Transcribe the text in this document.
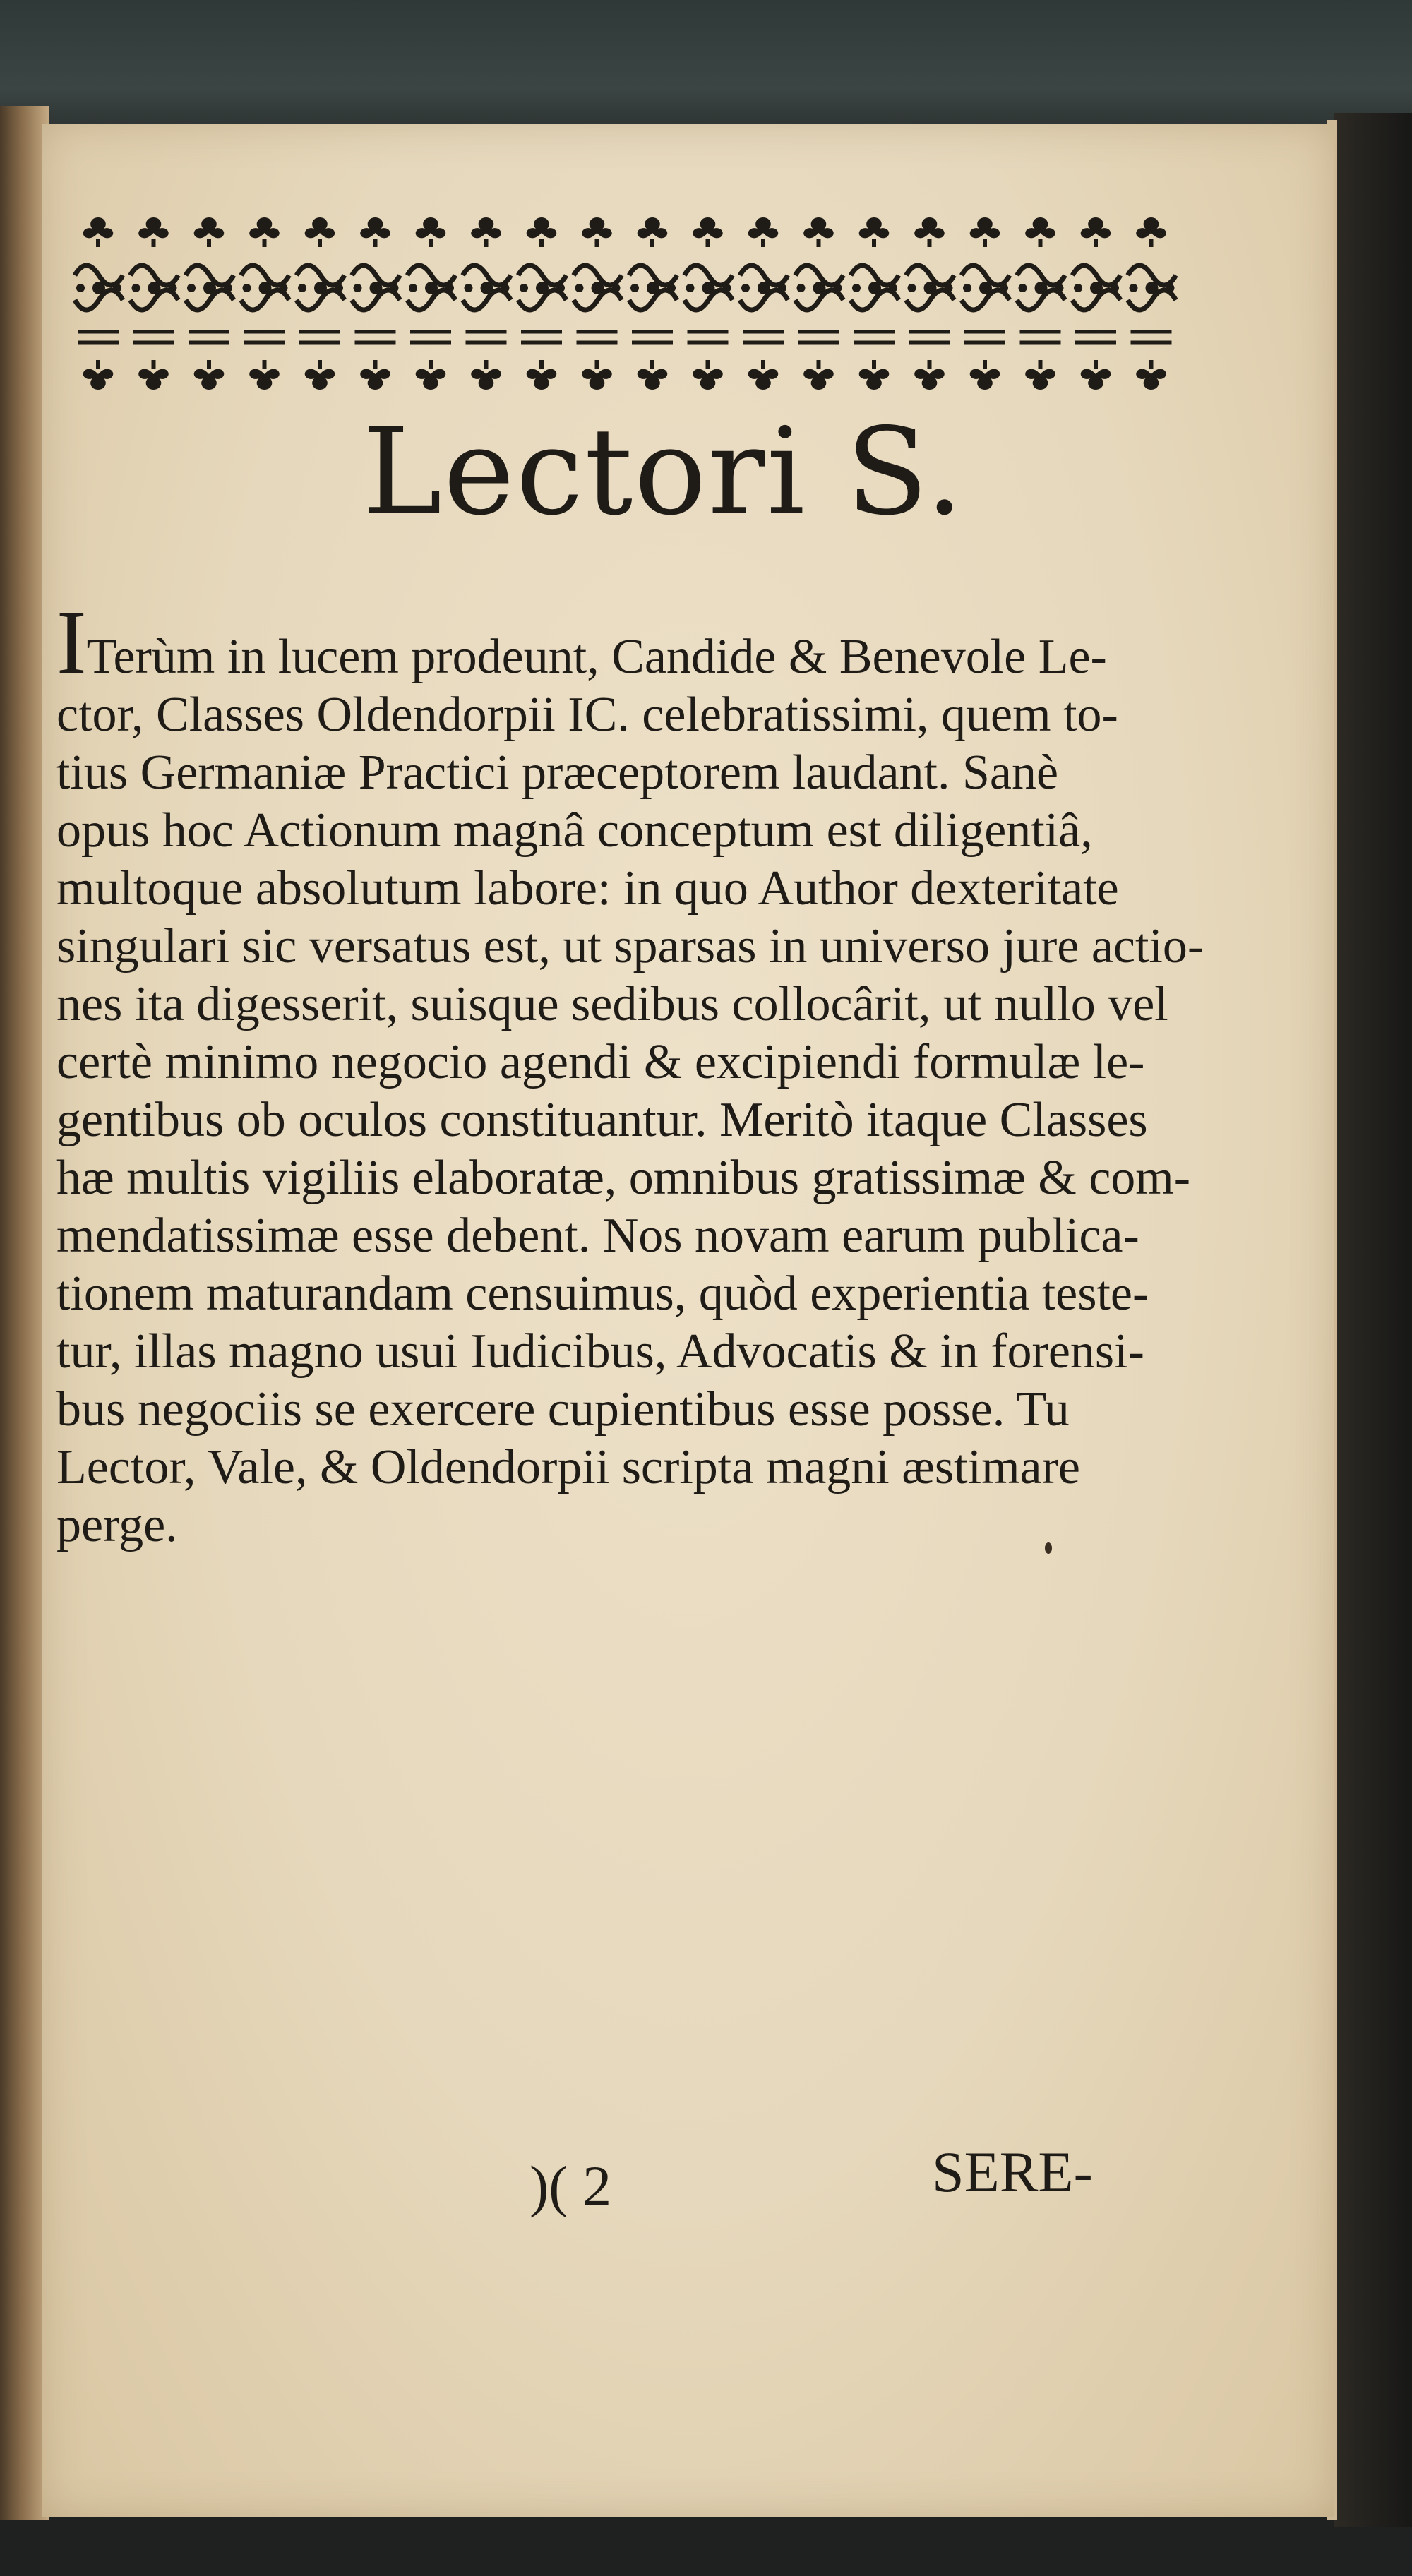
Lectori S.
ITerùm in lucem prodeunt, Candide & Benevole Le-
ctor, Classes Oldendorpii IC. celebratissimi, quem to-
tius Germaniæ Practici præceptorem laudant. Sanè
opus hoc Actionum magnâ conceptum est diligentiâ,
multoque absolutum labore: in quo Author dexteritate
singulari sic versatus est, ut sparsas in universo jure actio-
nes ita digesserit, suisque sedibus collocârit, ut nullo vel
certè minimo negocio agendi & excipiendi formulæ le-
gentibus ob oculos constituantur. Meritò itaque Classes
hæ multis vigiliis elaboratæ, omnibus gratissimæ & com-
mendatissimæ esse debent. Nos novam earum publica-
tionem maturandam censuimus, quòd experientia teste-
tur, illas magno usui Iudicibus, Advocatis & in forensi-
bus negociis se exercere cupientibus esse posse. Tu
Lector, Vale, & Oldendorpii scripta magni æstimare
perge.
)( 2	SERE-
